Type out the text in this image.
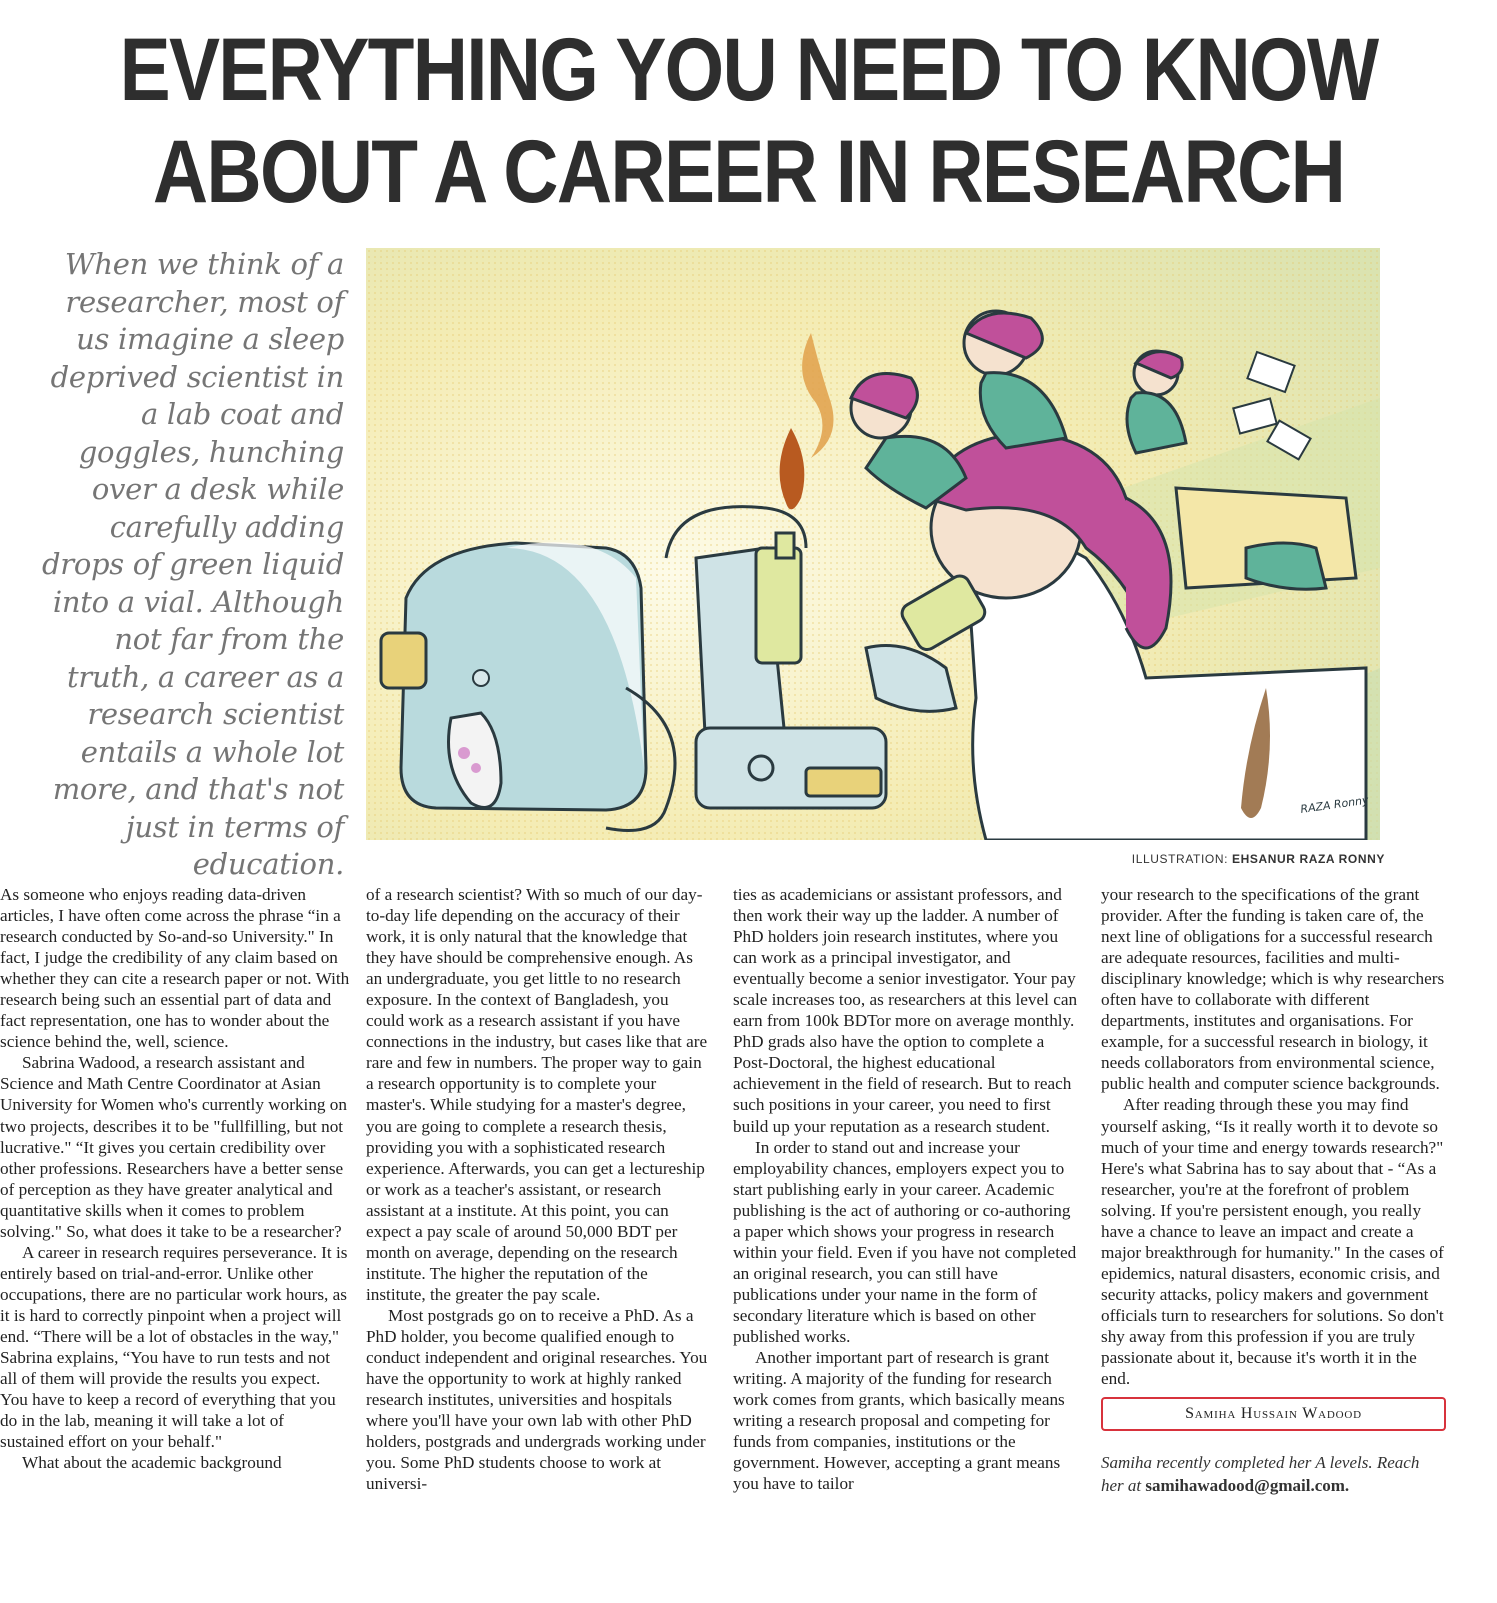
EVERYTHING YOU NEED TO KNOW
ABOUT A CAREER IN RESEARCH

When we think of a researcher, most of us imagine a sleep deprived scientist in a lab coat and goggles, hunching over a desk while carefully adding drops of green liquid into a vial. Although not far from the truth, a career as a research scientist entails a whole lot more, and that's not just in terms of education.

RAZA Ronny
ILLUSTRATION: EHSANUR RAZA RONNY

As someone who enjoys reading data-driven articles, I have often come across the phrase “in a research conducted by So-and-so University." In fact, I judge the credibility of any claim based on whether they can cite a research paper or not. With research being such an essential part of data and fact representation, one has to wonder about the science behind the, well, science.

Sabrina Wadood, a research assistant and Science and Math Centre Coordinator at Asian University for Women who's currently working on two projects, describes it to be "fullfilling, but not lucrative." “It gives you certain credibility over other professions. Researchers have a better sense of perception as they have greater analytical and quantitative skills when it comes to problem solving." So, what does it take to be a researcher?

A career in research requires perseverance. It is entirely based on trial-and-error. Unlike other occupations, there are no particular work hours, as it is hard to correctly pinpoint when a project will end. “There will be a lot of obstacles in the way," Sabrina explains, “You have to run tests and not all of them will provide the results you expect. You have to keep a record of everything that you do in the lab, meaning it will take a lot of sustained effort on your behalf."

What about the academic background

of a research scientist? With so much of our day-to-day life depending on the accuracy of their work, it is only natural that the knowledge that they have should be comprehensive enough. As an undergraduate, you get little to no research exposure. In the context of Bangladesh, you could work as a research assistant if you have connections in the industry, but cases like that are rare and few in numbers. The proper way to gain a research opportunity is to complete your master's. While studying for a master's degree, you are going to complete a research thesis, providing you with a sophisticated research experience. Afterwards, you can get a lectureship or work as a teacher's assistant, or research assistant at a institute. At this point, you can expect a pay scale of around 50,000 BDT per month on average, depending on the research institute. The higher the reputation of the institute, the greater the pay scale.

Most postgrads go on to receive a PhD. As a PhD holder, you become qualified enough to conduct independent and original researches. You have the opportunity to work at highly ranked research institutes, universities and hospitals where you'll have your own lab with other PhD holders, postgrads and undergrads working under you. Some PhD students choose to work at universi-

ties as academicians or assistant professors, and then work their way up the ladder. A number of PhD holders join research institutes, where you can work as a principal investigator, and eventually become a senior investigator. Your pay scale increases too, as researchers at this level can earn from 100k BDTor more on average monthly. PhD grads also have the option to complete a Post-Doctoral, the highest educational achievement in the field of research. But to reach such positions in your career, you need to first build up your reputation as a research student.

In order to stand out and increase your employability chances, employers expect you to start publishing early in your career. Academic publishing is the act of authoring or co-authoring a paper which shows your progress in research within your field. Even if you have not completed an original research, you can still have publications under your name in the form of secondary literature which is based on other published works.

Another important part of research is grant writing. A majority of the funding for research work comes from grants, which basically means writing a research proposal and competing for funds from companies, institutions or the government. However, accepting a grant means you have to tailor

your research to the specifications of the grant provider. After the funding is taken care of, the next line of obligations for a successful research are adequate resources, facilities and multi-disciplinary knowledge; which is why researchers often have to collaborate with different departments, institutes and organisations. For example, for a successful research in biology, it needs collaborators from environmental science, public health and computer science backgrounds.

After reading through these you may find yourself asking, “Is it really worth it to devote so much of your time and energy towards research?" Here's what Sabrina has to say about that - “As a researcher, you're at the forefront of problem solving. If you're persistent enough, you really have a chance to leave an impact and create a major breakthrough for humanity." In the cases of epidemics, natural disasters, economic crisis, and security attacks, policy makers and government officials turn to researchers for solutions. So don't shy away from this profession if you are truly passionate about it, because it's worth it in the end.

Samiha Hussain Wadood
Samiha recently completed her A levels. Reach her at samihawadood@gmail.com.
